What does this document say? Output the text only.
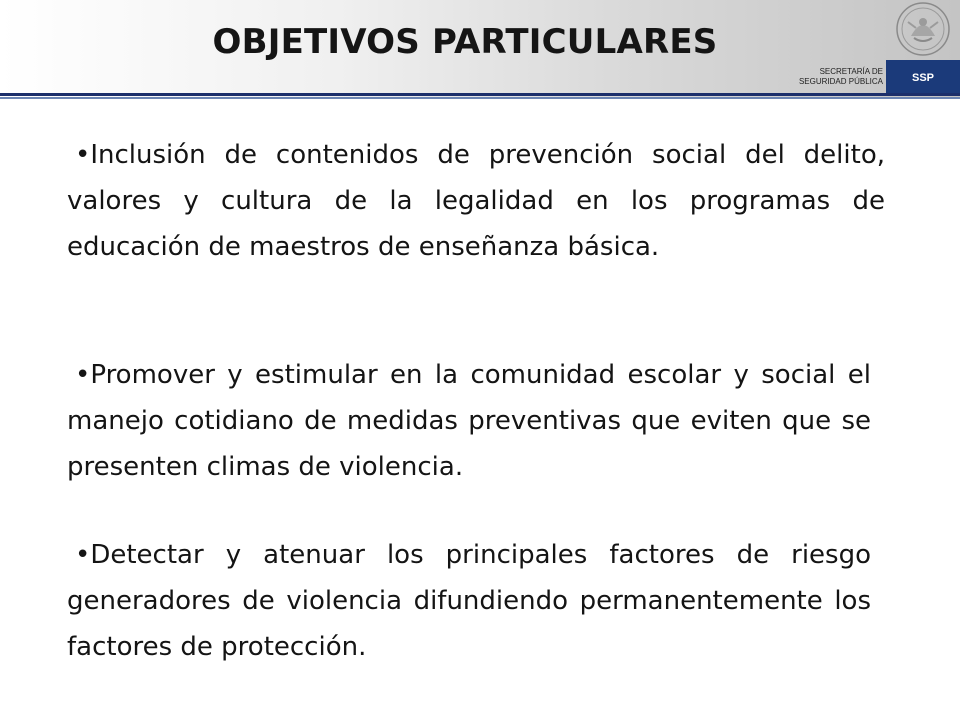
OBJETIVOS PARTICULARES
SECRETARÍA DE
SEGURIDAD PÚBLICA	SSP
•Inclusión de contenidos de prevención social del delito, valores y cultura de la legalidad en los programas de educación de maestros de enseñanza básica.
•Promover y estimular en la comunidad escolar y social el manejo cotidiano de medidas preventivas que eviten que se presenten climas de violencia.
•Detectar y atenuar los principales factores de riesgo generadores de violencia difundiendo permanentemente los factores de protección.
